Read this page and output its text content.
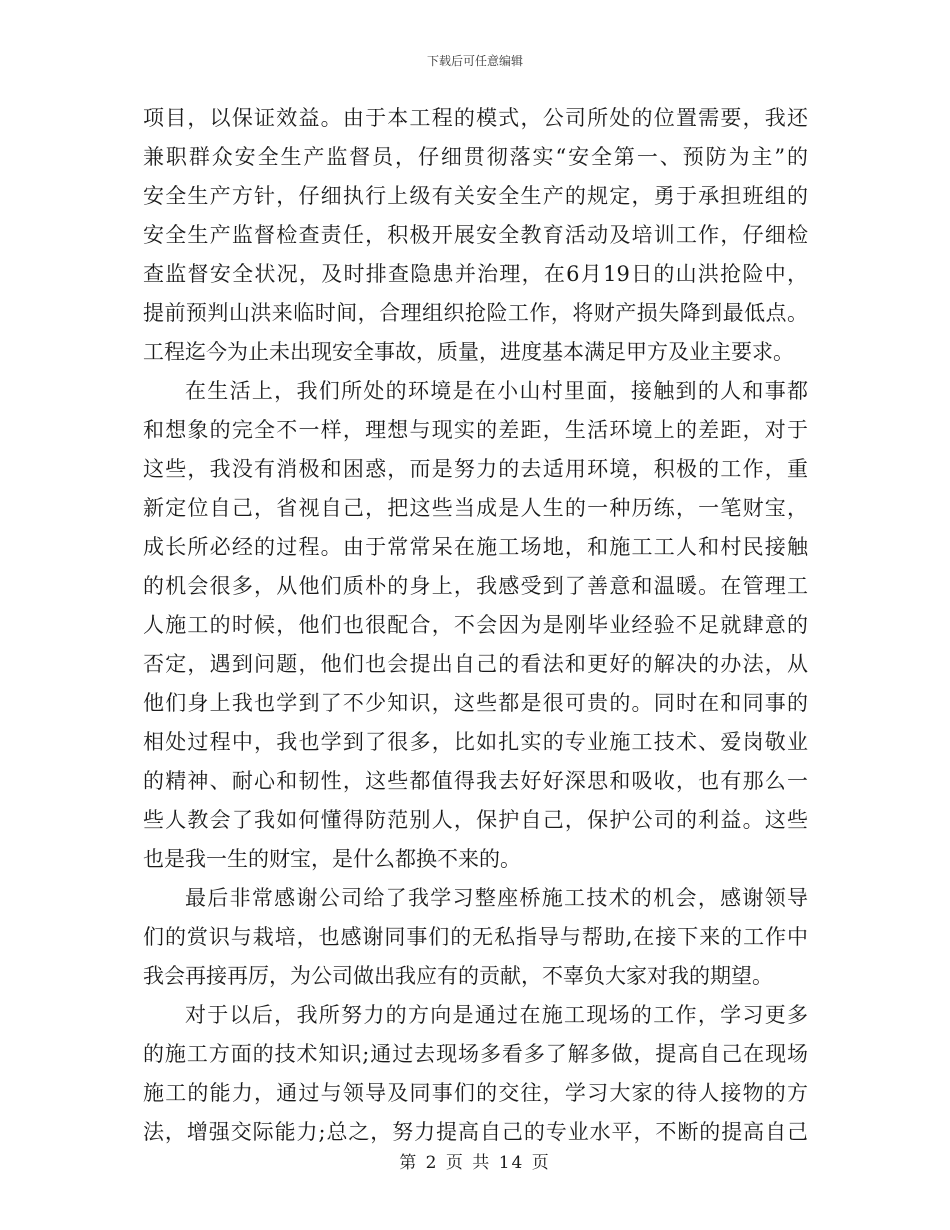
下载后可任意编辑
项目，以保证效益。由于本工程的模式，公司所处的位置需要，我还
兼职群众安全生产监督员，仔细贯彻落实“安全第一、预防为主”的
安全生产方针，仔细执行上级有关安全生产的规定，勇于承担班组的
安全生产监督检查责任，积极开展安全教育活动及培训工作，仔细检
查监督安全状况，及时排查隐患并治理，在6月19日的山洪抢险中，
提前预判山洪来临时间，合理组织抢险工作，将财产损失降到最低点。
工程迄今为止未出现安全事故，质量，进度基本满足甲方及业主要求。
在生活上，我们所处的环境是在小山村里面，接触到的人和事都
和想象的完全不一样，理想与现实的差距，生活环境上的差距，对于
这些，我没有消极和困惑，而是努力的去适用环境，积极的工作，重
新定位自己，省视自己，把这些当成是人生的一种历练，一笔财宝，
成长所必经的过程。由于常常呆在施工场地，和施工工人和村民接触
的机会很多，从他们质朴的身上，我感受到了善意和温暖。在管理工
人施工的时候，他们也很配合，不会因为是刚毕业经验不足就肆意的
否定，遇到问题，他们也会提出自己的看法和更好的解决的办法，从
他们身上我也学到了不少知识，这些都是很可贵的。同时在和同事的
相处过程中，我也学到了很多，比如扎实的专业施工技术、爱岗敬业
的精神、耐心和韧性，这些都值得我去好好深思和吸收，也有那么一
些人教会了我如何懂得防范别人，保护自己，保护公司的利益。这些
也是我一生的财宝，是什么都换不来的。
最后非常感谢公司给了我学习整座桥施工技术的机会，感谢领导
们的赏识与栽培，也感谢同事们的无私指导与帮助,在接下来的工作中
我会再接再厉，为公司做出我应有的贡献，不辜负大家对我的期望。
对于以后，我所努力的方向是通过在施工现场的工作，学习更多
的施工方面的技术知识;通过去现场多看多了解多做，提高自己在现场
施工的能力，通过与领导及同事们的交往，学习大家的待人接物的方
法，增强交际能力;总之，努力提高自己的专业水平，不断的提高自己
第 2 页 共 14 页
